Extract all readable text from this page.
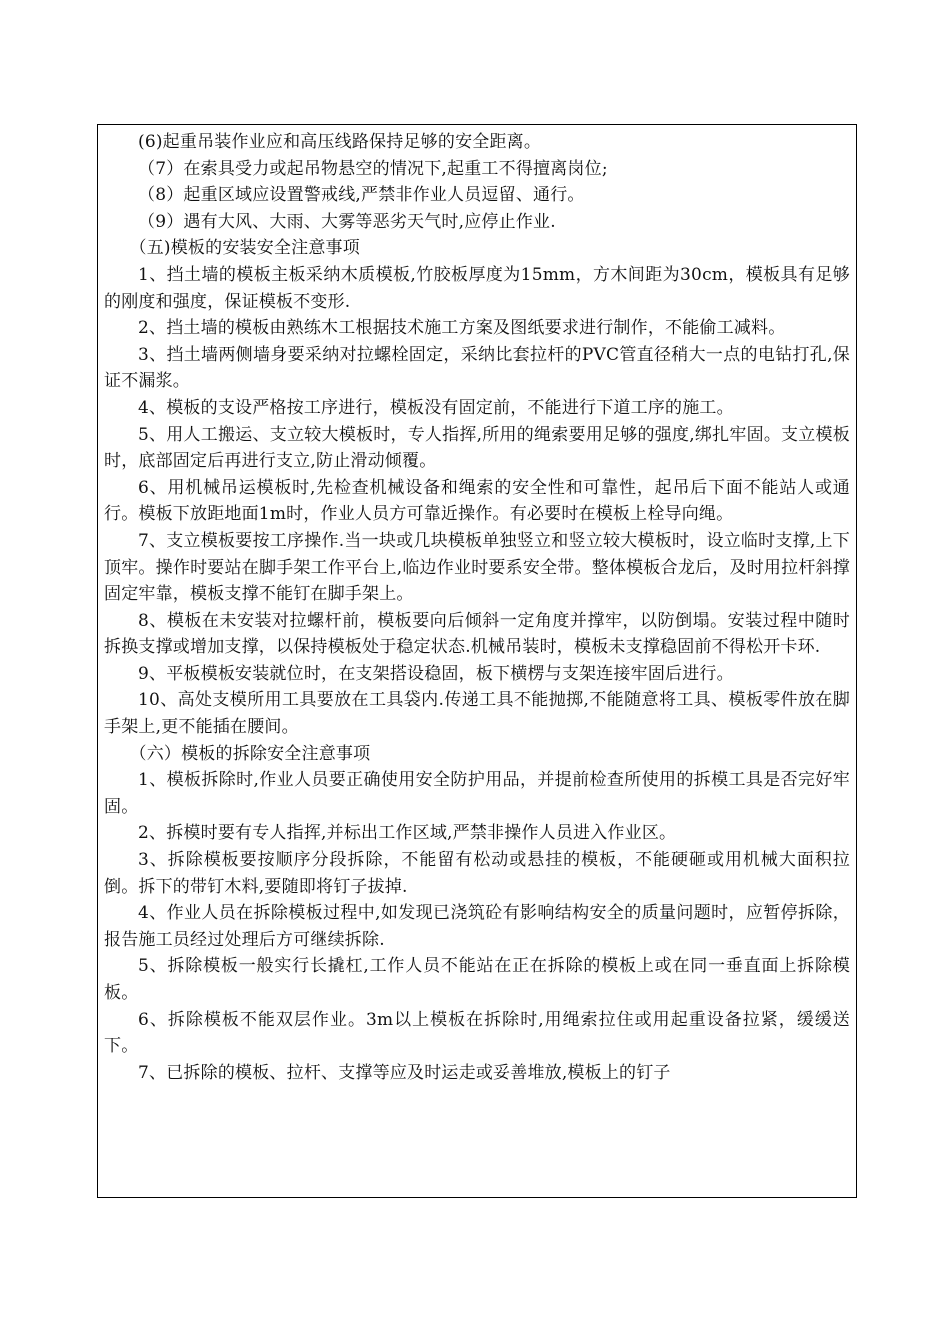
(6)起重吊装作业应和高压线路保持足够的安全距离。

（7）在索具受力或起吊物悬空的情况下,起重工不得擅离岗位;

（8）起重区域应设置警戒线,严禁非作业人员逗留、通行。

（9）遇有大风、大雨、大雾等恶劣天气时,应停止作业.

（五)模板的安装安全注意事项

1、挡土墙的模板主板采纳木质模板,竹胶板厚度为15mm，方木间距为30cm，模板具有足够的刚度和强度，保证模板不变形.

2、挡土墙的模板由熟练木工根据技术施工方案及图纸要求进行制作，不能偷工减料。

3、挡土墙两侧墙身要采纳对拉螺栓固定，采纳比套拉杆的PVC管直径稍大一点的电钻打孔,保证不漏浆。

4、模板的支设严格按工序进行，模板没有固定前，不能进行下道工序的施工。

5、用人工搬运、支立较大模板时，专人指挥,所用的绳索要用足够的强度,绑扎牢固。支立模板时，底部固定后再进行支立,防止滑动倾覆。

6、用机械吊运模板时,先检查机械设备和绳索的安全性和可靠性，起吊后下面不能站人或通行。模板下放距地面1m时，作业人员方可靠近操作。有必要时在模板上栓导向绳。

7、支立模板要按工序操作.当一块或几块模板单独竖立和竖立较大模板时，设立临时支撑,上下顶牢。操作时要站在脚手架工作平台上,临边作业时要系安全带。整体模板合龙后，及时用拉杆斜撑固定牢靠，模板支撑不能钉在脚手架上。

8、模板在未安装对拉螺杆前，模板要向后倾斜一定角度并撑牢，以防倒塌。安装过程中随时拆换支撑或增加支撑，以保持模板处于稳定状态.机械吊装时，模板未支撑稳固前不得松开卡环.

9、平板模板安装就位时，在支架搭设稳固，板下横楞与支架连接牢固后进行。

10、高处支模所用工具要放在工具袋内.传递工具不能抛掷,不能随意将工具、模板零件放在脚手架上,更不能插在腰间。

（六）模板的拆除安全注意事项

1、模板拆除时,作业人员要正确使用安全防护用品，并提前检查所使用的拆模工具是否完好牢固。

2、拆模时要有专人指挥,并标出工作区域,严禁非操作人员进入作业区。

3、拆除模板要按顺序分段拆除，不能留有松动或悬挂的模板，不能硬砸或用机械大面积拉倒。拆下的带钉木料,要随即将钉子拔掉.

4、作业人员在拆除模板过程中,如发现已浇筑砼有影响结构安全的质量问题时，应暂停拆除，报告施工员经过处理后方可继续拆除.

5、拆除模板一般实行长撬杠,工作人员不能站在正在拆除的模板上或在同一垂直面上拆除模板。

6、拆除模板不能双层作业。3m以上模板在拆除时,用绳索拉住或用起重设备拉紧，缓缓送下。

7、已拆除的模板、拉杆、支撑等应及时运走或妥善堆放,模板上的钉子
